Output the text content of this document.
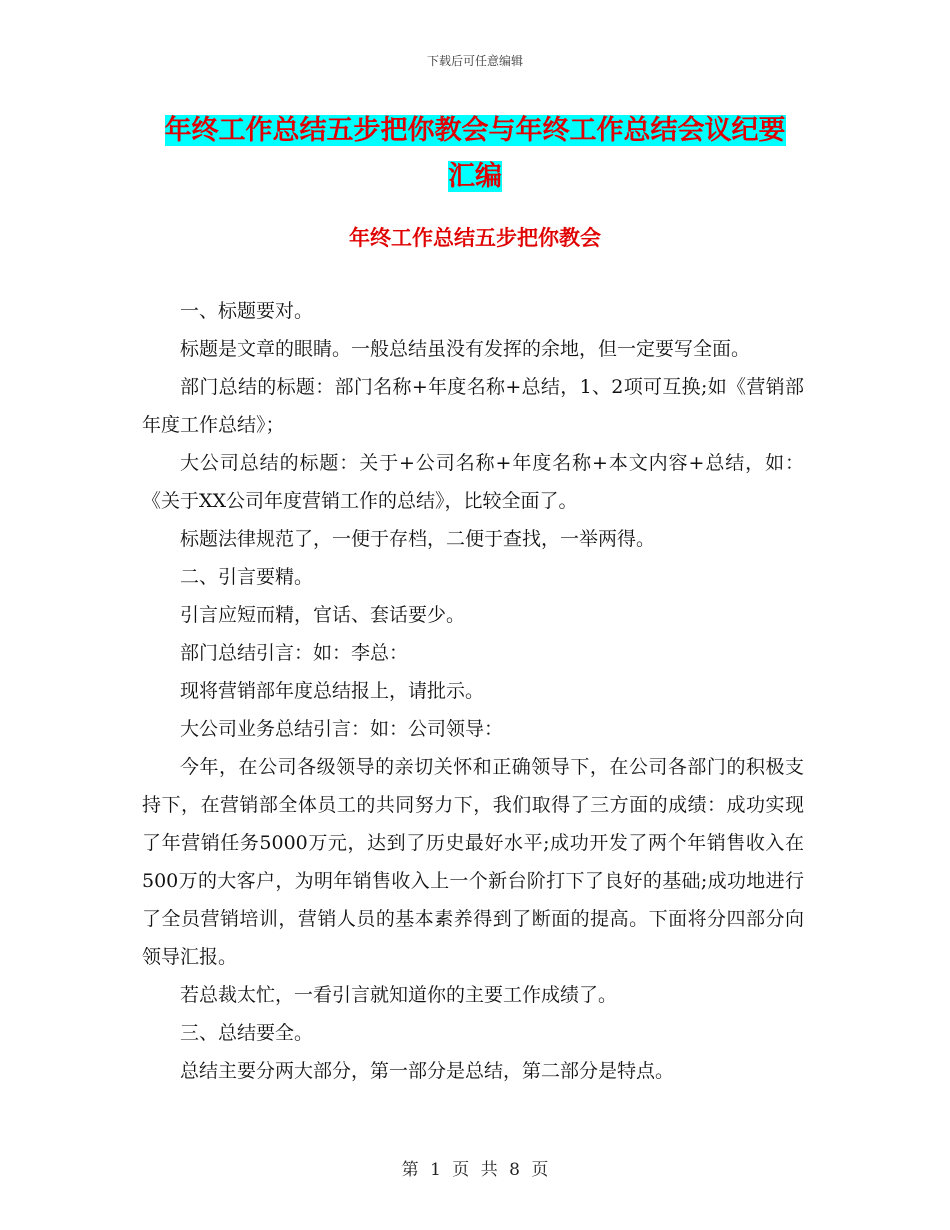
下载后可任意编辑
年终工作总结五步把你教会与年终工作总结会议纪要
汇编
年终工作总结五步把你教会

一、标题要对。

标题是文章的眼睛。一般总结虽没有发挥的余地，但一定要写全面。

部门总结的标题：部门名称+年度名称+总结，1、2项可互换;如《营销部年度工作总结》；

大公司总结的标题：关于+公司名称+年度名称+本文内容+总结，如：《关于XX公司年度营销工作的总结》，比较全面了。

标题法律规范了，一便于存档，二便于查找，一举两得。

二、引言要精。

引言应短而精，官话、套话要少。

部门总结引言：如：李总：

现将营销部年度总结报上，请批示。

大公司业务总结引言：如：公司领导：

今年，在公司各级领导的亲切关怀和正确领导下，在公司各部门的积极支持下，在营销部全体员工的共同努力下，我们取得了三方面的成绩：成功实现了年营销任务5000万元，达到了历史最好水平;成功开发了两个年销售收入在500万的大客户，为明年销售收入上一个新台阶打下了良好的基础;成功地进行了全员营销培训，营销人员的基本素养得到了断面的提高。下面将分四部分向领导汇报。

若总裁太忙，一看引言就知道你的主要工作成绩了。

三、总结要全。

总结主要分两大部分，第一部分是总结，第二部分是特点。

第 1 页 共 8 页
